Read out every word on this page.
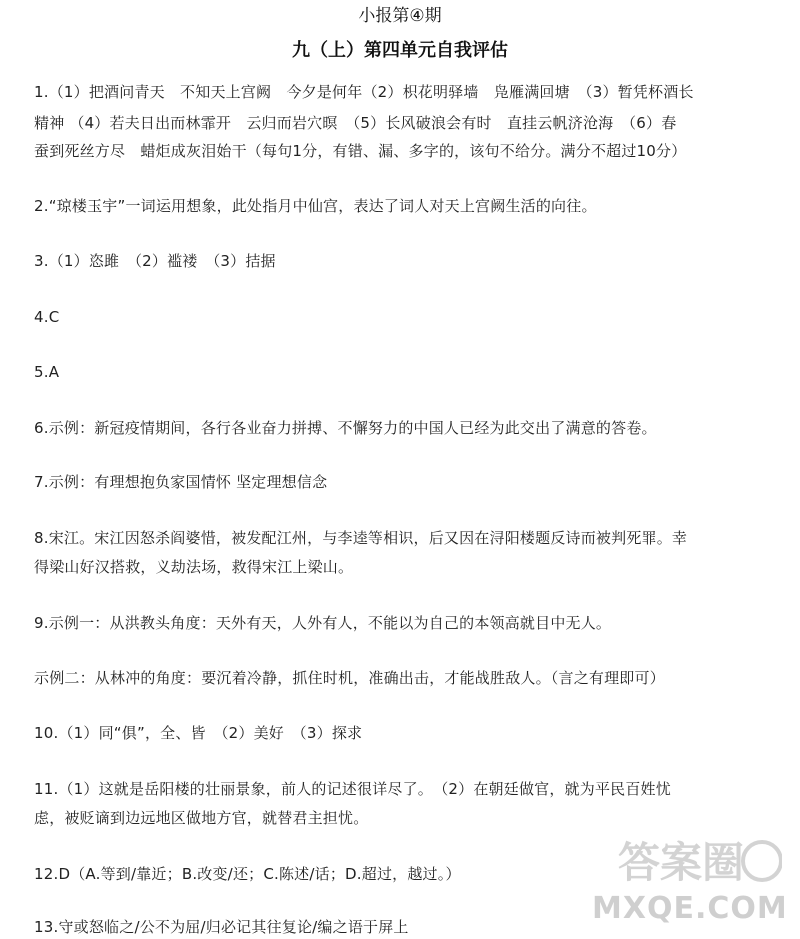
小报第④期
九（上）第四单元自我评估
1.（1）把酒问青天　不知天上宫阙　今夕是何年（2）枳花明驿墙　凫雁满回塘　（3）暂凭杯酒长
精神 （4）若夫日出而林霏开　云归而岩穴暝　（5）长风破浪会有时　直挂云帆济沧海　（6）春
蚕到死丝方尽　蜡炬成灰泪始干（每句1分，有错、漏、多字的，该句不给分。满分不超过10分）
2.“琼楼玉宇”一词运用想象，此处指月中仙宫，表达了词人对天上宫阙生活的向往。
3.（1）恣雎　（2）褴褛　（3）拮据
4.C
5.A
6.示例：新冠疫情期间，各行各业奋力拼搏、不懈努力的中国人已经为此交出了满意的答卷。
7.示例：有理想抱负家国情怀 坚定理想信念
8.宋江。宋江因怒杀阎婆惜，被发配江州，与李逵等相识，后又因在浔阳楼题反诗而被判死罪。幸
得梁山好汉搭救，义劫法场，救得宋江上梁山。
9.示例一：从洪教头角度：天外有天，人外有人，不能以为自己的本领高就目中无人。
示例二：从林冲的角度：要沉着冷静，抓住时机，准确出击，才能战胜敌人。（言之有理即可）
10.（1）同“俱”，全、皆　（2）美好　（3）探求
11.（1）这就是岳阳楼的壮丽景象，前人的记述很详尽了。　（2）在朝廷做官，就为平民百姓忧
虑，被贬谪到边远地区做地方官，就替君主担忧。
12.D（A.等到/靠近；B.改变/还；C.陈述/话；D.超过，越过。）
13.守或怒临之/公不为屈/归必记其往复论/编之语于屏上
答案圈
MXQE.COM
